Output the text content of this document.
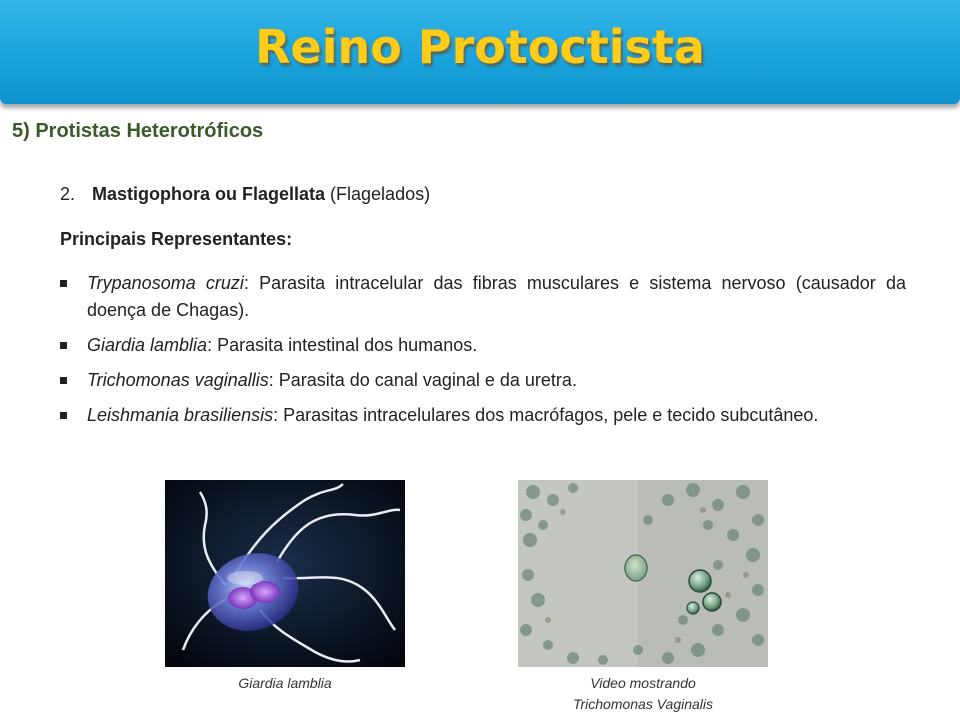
Reino Protoctista
5) Protistas Heterotróficos
2. Mastigophora ou Flagellata (Flagelados)
Principais Representantes:
Trypanosoma cruzi: Parasita intracelular das fibras musculares e sistema nervoso (causador da doença de Chagas).
Giardia lamblia: Parasita intestinal dos humanos.
Trichomonas vaginallis: Parasita do canal vaginal e da uretra.
Leishmania brasiliensis: Parasitas intracelulares dos macrófagos, pele e tecido subcutâneo.
Giardia lamblia	Video mostrando
Trichomonas Vaginalis
